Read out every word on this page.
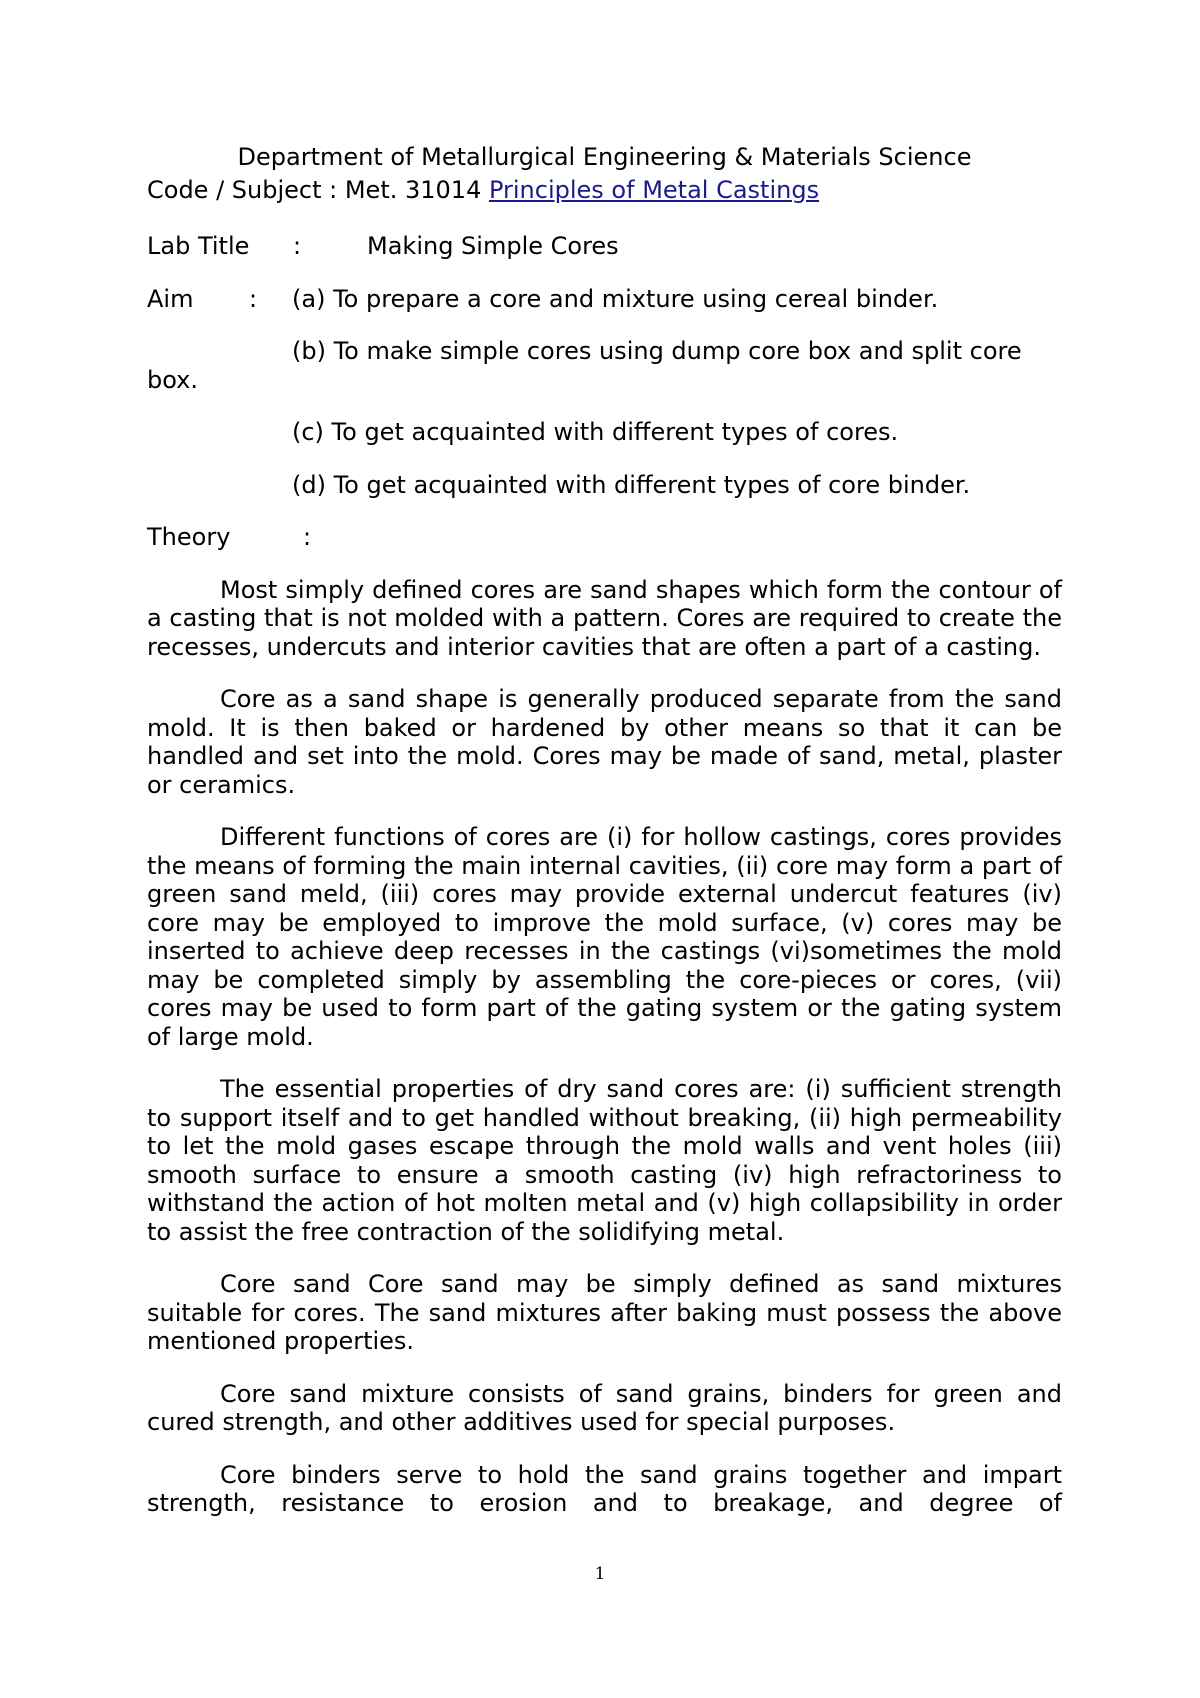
Department of Metallurgical Engineering & Materials Science

Code / Subject : Met. 31014 Principles of Metal Castings

Lab Title :	Making Simple Cores

Aim : (a) To prepare a core and mixture using cereal binder.

(b) To make simple cores using dump core box and split core box.

(c) To get acquainted with different types of cores.

(d) To get acquainted with different types of core binder.

Theory	:

Most simply defined cores are sand shapes which form the contour of a casting that is not molded with a pattern. Cores are required to create the recesses, undercuts and interior cavities that are often a part of a casting.

Core as a sand shape is generally produced separate from the sand mold. It is then baked or hardened by other means so that it can be handled and set into the mold. Cores may be made of sand, metal, plaster or ceramics.

Different functions of cores are (i) for hollow castings, cores provides the means of forming the main internal cavities, (ii) core may form a part of green sand meld, (iii) cores may provide external undercut features (iv) core may be employed to improve the mold surface, (v) cores may be inserted to achieve deep recesses in the castings (vi)sometimes the mold may be completed simply by assembling the core-pieces or cores, (vii) cores may be used to form part of the gating system or the gating system of large mold.

The essential properties of dry sand cores are: (i) sufficient strength to support itself and to get handled without breaking, (ii) high permeability to let the mold gases escape through the mold walls and vent holes (iii) smooth surface to ensure a smooth casting (iv) high refractoriness to withstand the action of hot molten metal and (v) high collapsibility in order to assist the free contraction of the solidifying metal.

Core sand Core sand may be simply defined as sand mixtures suitable for cores. The sand mixtures after baking must possess the above mentioned properties.

Core sand mixture consists of sand grains, binders for green and cured strength, and other additives used for special purposes.

Core binders serve to hold the sand grains together and impart strength, resistance to erosion and to breakage, and degree of

1
